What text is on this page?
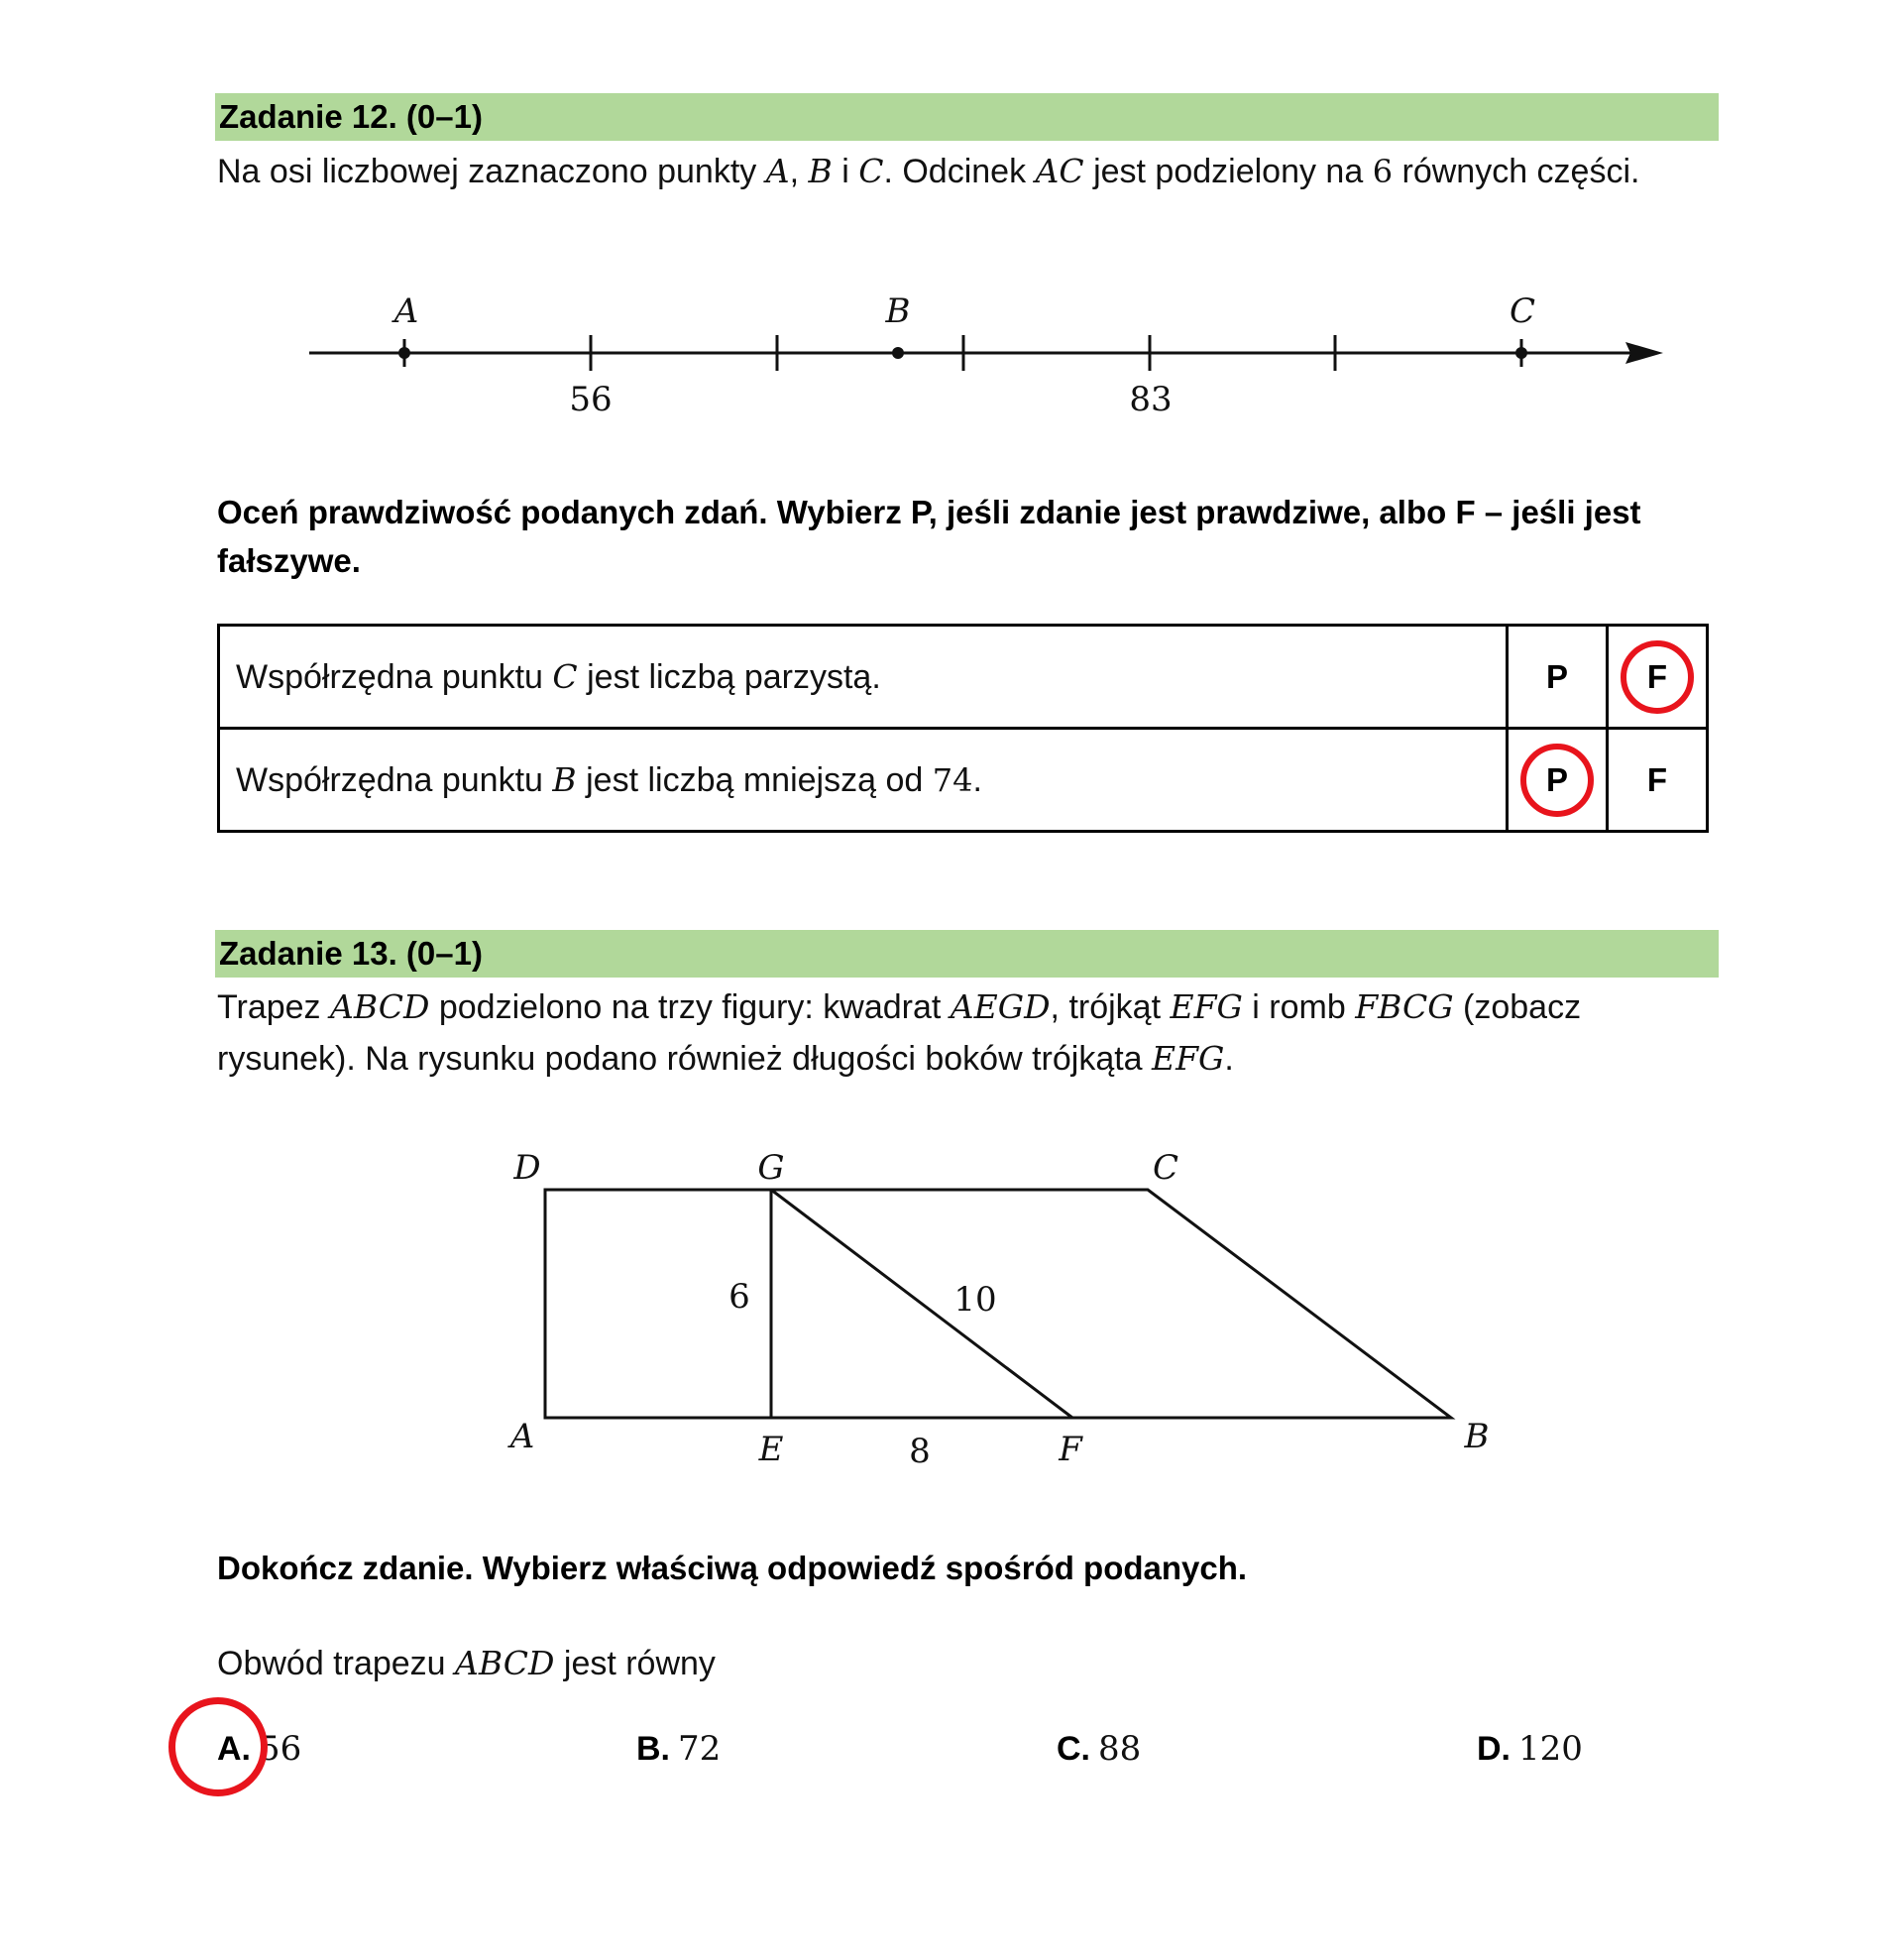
Zadanie 12. (0–1)
Na osi liczbowej zaznaczono punkty A, B i C. Odcinek AC jest podzielony na 6 równych części.
A	B	C
56	83
Oceń prawdziwość podanych zdań. Wybierz P, jeśli zdanie jest prawdziwe, albo F – jeśli jest fałszywe.
Współrzędna punktu C jest liczbą parzystą.	P	F

Współrzędna punktu B jest liczbą mniejszą od 74.	P	F
Zadanie 13. (0–1)
Trapez ABCD podzielono na trzy figury: kwadrat AEGD, trójkąt EFG i romb FBCG (zobacz rysunek). Na rysunku podano również długości boków trójkąta EFG.
D	G	C
A	E	F	B
6	10
8
Dokończ zdanie. Wybierz właściwą odpowiedź spośród podanych.
Obwód trapezu ABCD jest równy
A. 56	B. 72	C. 88	D. 120
